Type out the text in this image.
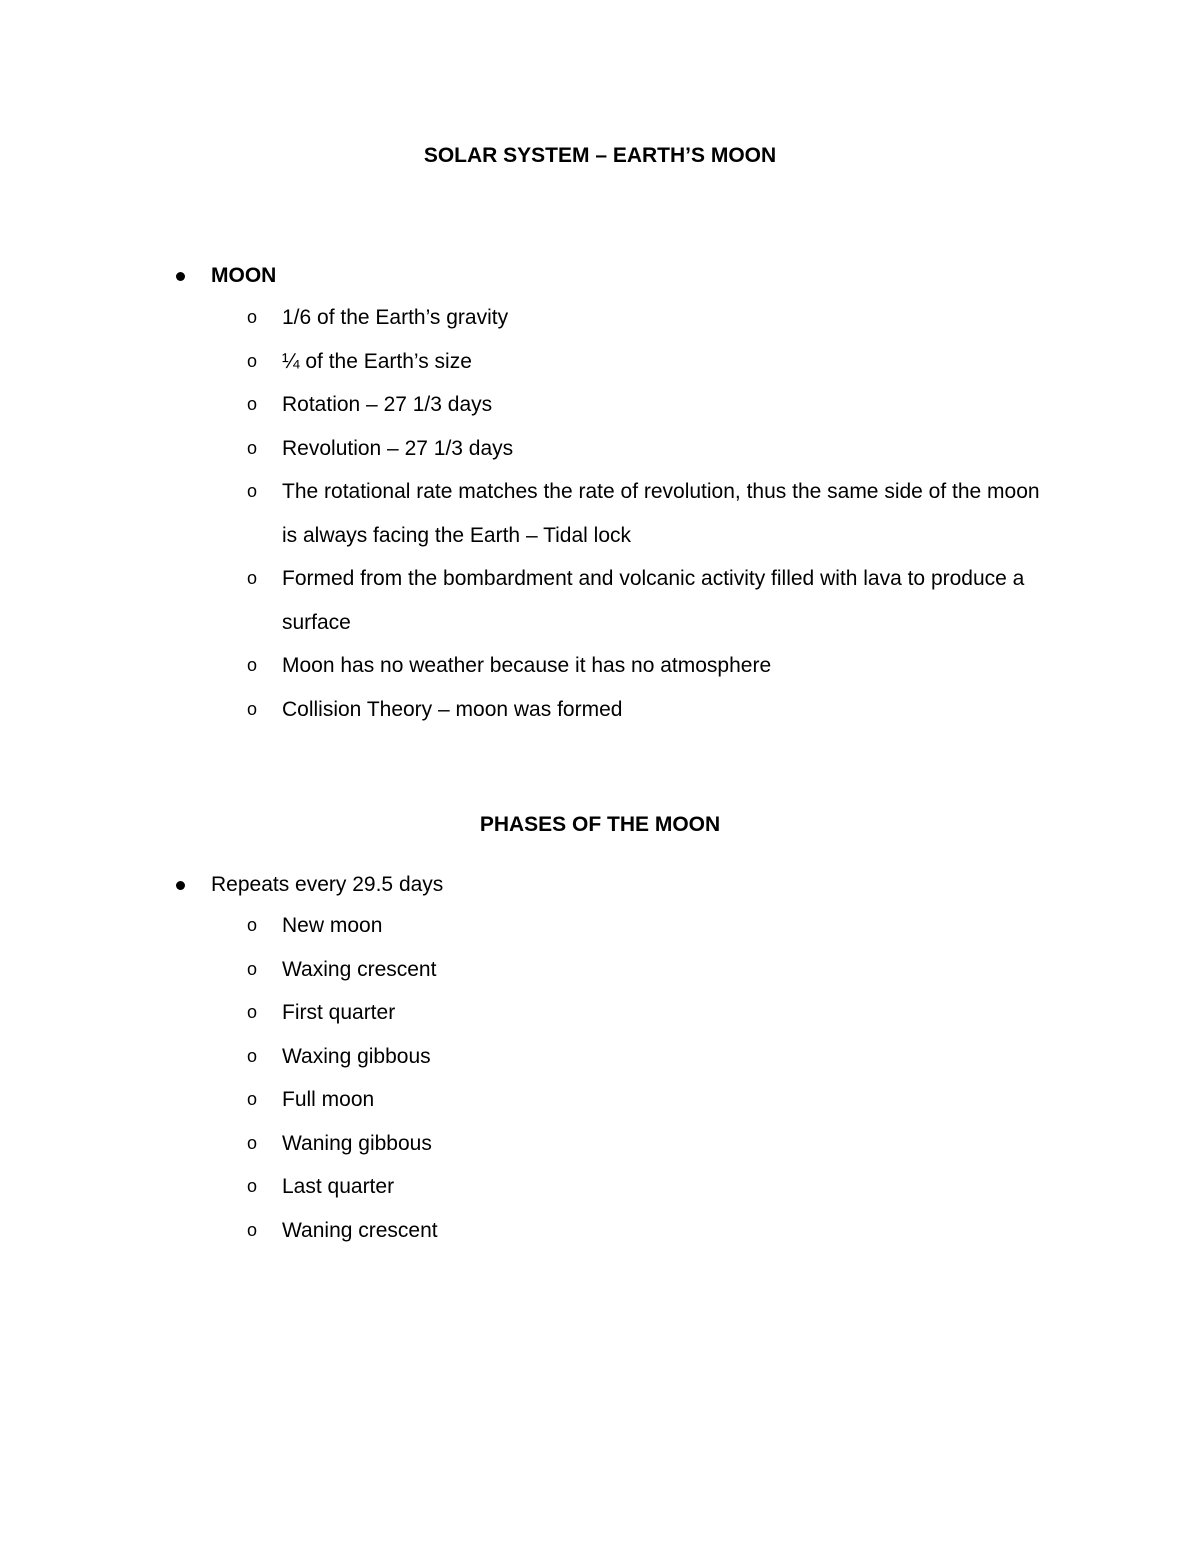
SOLAR SYSTEM – EARTH’S MOON
MOON
o 1/6 of the Earth’s gravity
o ¼ of the Earth’s size
o Rotation – 27 1/3 days
o Revolution – 27 1/3 days
o The rotational rate matches the rate of revolution, thus the same side of the moon is always facing the Earth – Tidal lock
o Formed from the bombardment and volcanic activity filled with lava to produce a surface
o Moon has no weather because it has no atmosphere
o Collision Theory – moon was formed
PHASES OF THE MOON
Repeats every 29.5 days
o New moon
o Waxing crescent
o First quarter
o Waxing gibbous
o Full moon
o Waning gibbous
o Last quarter
o Waning crescent
